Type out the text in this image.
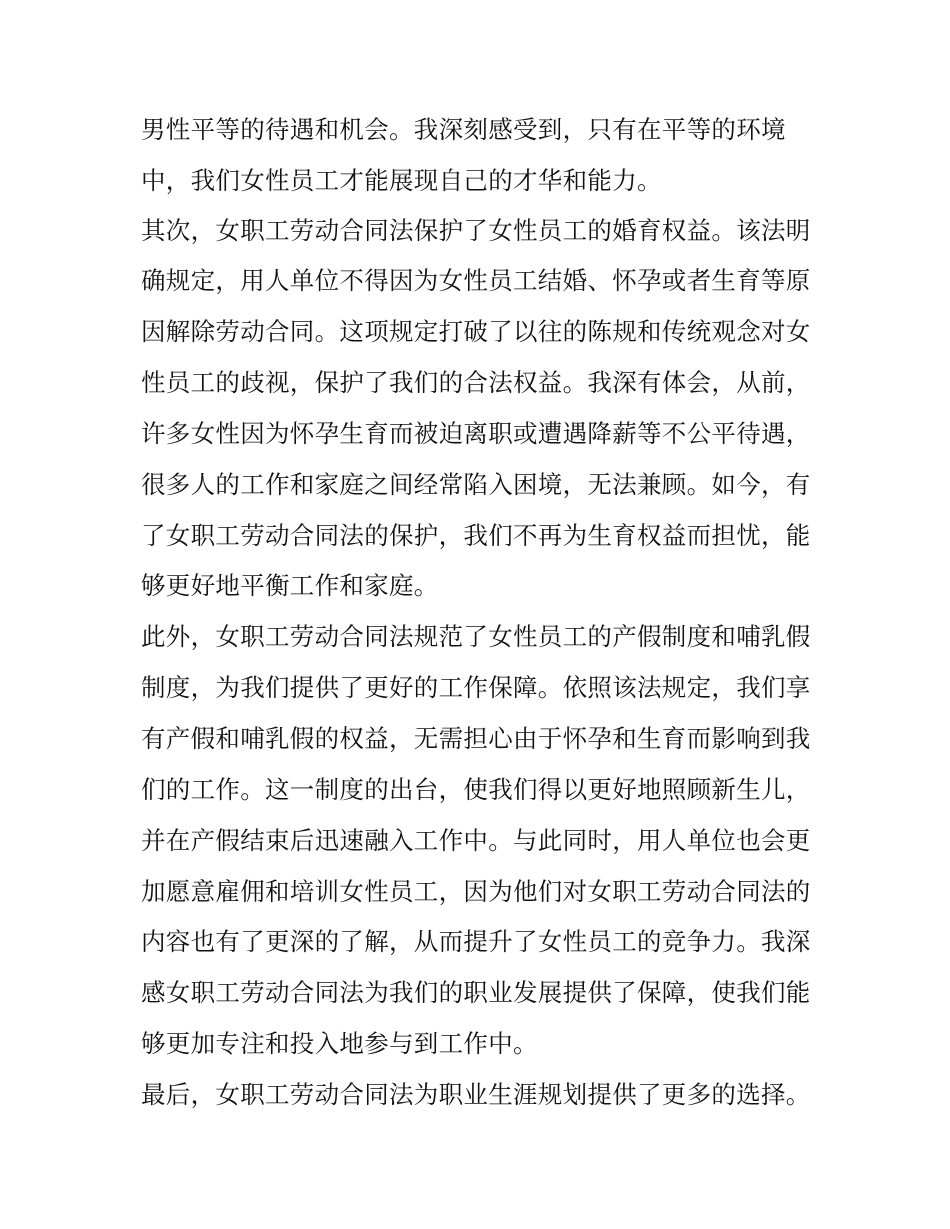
男性平等的待遇和机会。我深刻感受到，只有在平等的环境
中，我们女性员工才能展现自己的才华和能力。
其次，女职工劳动合同法保护了女性员工的婚育权益。该法明
确规定，用人单位不得因为女性员工结婚、怀孕或者生育等原
因解除劳动合同。这项规定打破了以往的陈规和传统观念对女
性员工的歧视，保护了我们的合法权益。我深有体会，从前，
许多女性因为怀孕生育而被迫离职或遭遇降薪等不公平待遇，
很多人的工作和家庭之间经常陷入困境，无法兼顾。如今，有
了女职工劳动合同法的保护，我们不再为生育权益而担忧，能
够更好地平衡工作和家庭。
此外，女职工劳动合同法规范了女性员工的产假制度和哺乳假
制度，为我们提供了更好的工作保障。依照该法规定，我们享
有产假和哺乳假的权益，无需担心由于怀孕和生育而影响到我
们的工作。这一制度的出台，使我们得以更好地照顾新生儿，
并在产假结束后迅速融入工作中。与此同时，用人单位也会更
加愿意雇佣和培训女性员工，因为他们对女职工劳动合同法的
内容也有了更深的了解，从而提升了女性员工的竞争力。我深
感女职工劳动合同法为我们的职业发展提供了保障，使我们能
够更加专注和投入地参与到工作中。
最后，女职工劳动合同法为职业生涯规划提供了更多的选择。
